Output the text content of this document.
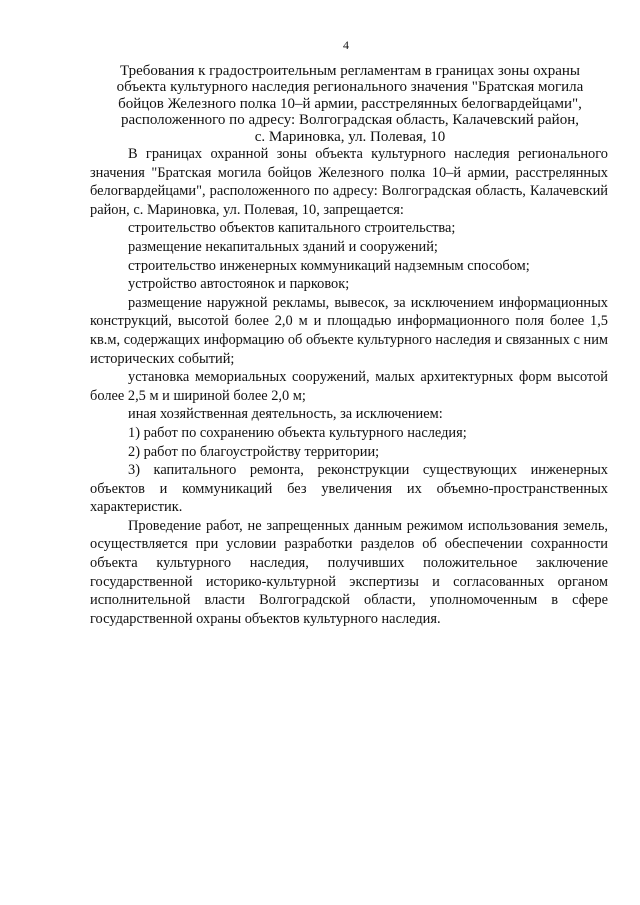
4
Требования к градостроительным регламентам в границах зоны охраны
объекта культурного наследия регионального значения "Братская могила
бойцов Железного полка 10–й армии, расстрелянных белогвардейцами",
расположенного по адресу: Волгоградская область, Калачевский район,
с. Мариновка, ул. Полевая, 10

В границах охранной зоны объекта культурного наследия регионального значения "Братская могила бойцов Железного полка 10–й армии, расстрелянных белогвардейцами", расположенного по адресу: Волгоградская область, Калачевский район, с. Мариновка, ул. Полевая, 10, запрещается:

строительство объектов капитального строительства;

размещение некапитальных зданий и сооружений;

строительство инженерных коммуникаций надземным способом;

устройство автостоянок и парковок;

размещение наружной рекламы, вывесок, за исключением информационных конструкций, высотой более 2,0 м и площадью информационного поля более 1,5 кв.м, содержащих информацию об объекте культурного наследия и связанных с ним исторических событий;

установка мемориальных сооружений, малых архитектурных форм высотой более 2,5 м и шириной более 2,0 м;

иная хозяйственная деятельность, за исключением:

1) работ по сохранению объекта культурного наследия;

2) работ по благоустройству территории;

3) капитального ремонта, реконструкции существующих инженерных объектов и коммуникаций без увеличения их объемно-пространственных характеристик.

Проведение работ, не запрещенных данным режимом использования земель, осуществляется при условии разработки разделов об обеспечении сохранности объекта культурного наследия, получивших положительное заключение государственной историко-культурной экспертизы и согласованных органом исполнительной власти Волгоградской области, уполномоченным в сфере государственной охраны объектов культурного наследия.
